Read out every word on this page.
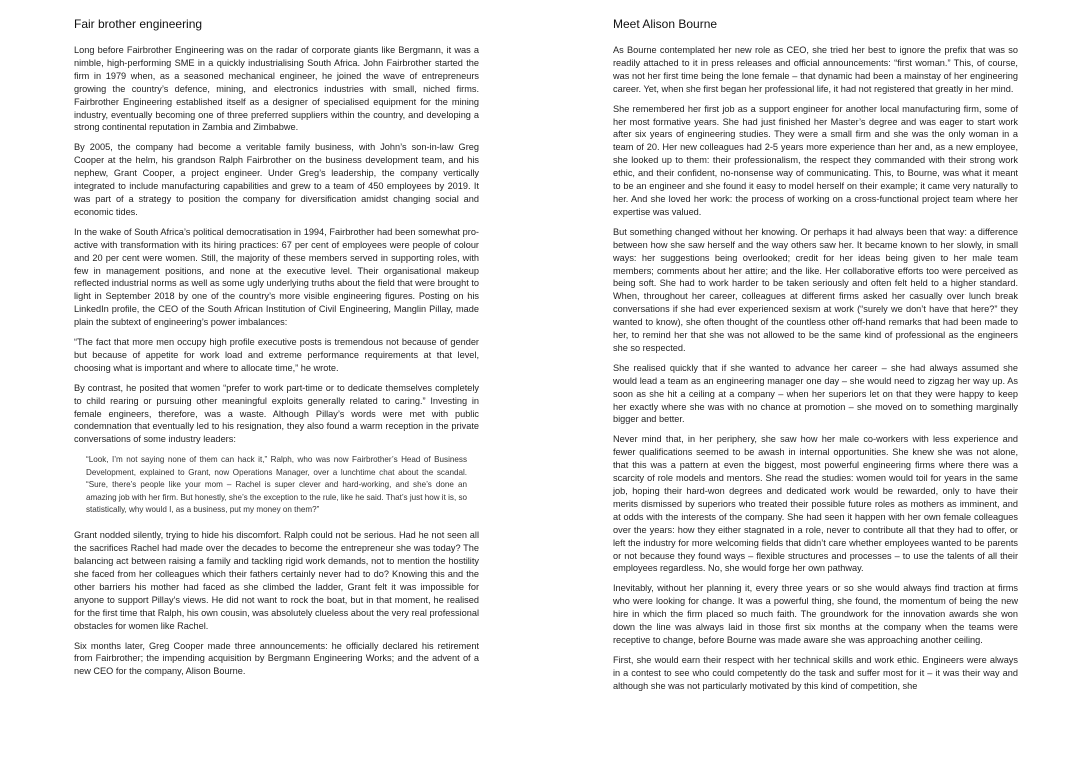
Fair brother engineering

Long before Fairbrother Engineering was on the radar of corporate giants like Bergmann, it was a nimble, high-performing SME in a quickly industrialising South Africa. John Fairbrother started the firm in 1979 when, as a seasoned mechanical engineer, he joined the wave of entrepreneurs growing the country’s defence, mining, and electronics industries with small, niched firms. Fairbrother Engineering established itself as a designer of specialised equipment for the mining industry, eventually becoming one of three preferred suppliers within the country, and developing a strong continental reputation in Zambia and Zimbabwe.

By 2005, the company had become a veritable family business, with John’s son-in-law Greg Cooper at the helm, his grandson Ralph Fairbrother on the business development team, and his nephew, Grant Cooper, a project engineer. Under Greg’s leadership, the company vertically integrated to include manufacturing capabilities and grew to a team of 450 employees by 2019. It was part of a strategy to position the company for diversification amidst changing social and economic tides.

In the wake of South Africa’s political democratisation in 1994, Fairbrother had been somewhat pro-active with transformation with its hiring practices: 67 per cent of employees were people of colour and 20 per cent were women. Still, the majority of these members served in supporting roles, with few in management positions, and none at the executive level. Their organisational makeup reflected industrial norms as well as some ugly underlying truths about the field that were brought to light in September 2018 by one of the country’s more visible engineering figures. Posting on his LinkedIn profile, the CEO of the South African Institution of Civil Engineering, Manglin Pillay, made plain the subtext of engineering’s power imbalances:

“The fact that more men occupy high profile executive posts is tremendous not because of gender but because of appetite for work load and extreme performance requirements at that level, choosing what is important and where to allocate time,” he wrote.

By contrast, he posited that women “prefer to work part-time or to dedicate themselves completely to child rearing or pursuing other meaningful exploits generally related to caring.” Investing in female engineers, therefore, was a waste. Although Pillay’s words were met with public condemnation that eventually led to his resignation, they also found a warm reception in the private conversations of some industry leaders:

“Look, I’m not saying none of them can hack it,” Ralph, who was now Fairbrother’s Head of Business Development, explained to Grant, now Operations Manager, over a lunchtime chat about the scandal. “Sure, there’s people like your mom – Rachel is super clever and hard-working, and she’s done an amazing job with her firm. But honestly, she’s the exception to the rule, like he said. That’s just how it is, so statistically, why would I, as a business, put my money on them?”

Grant nodded silently, trying to hide his discomfort. Ralph could not be serious. Had he not seen all the sacrifices Rachel had made over the decades to become the entrepreneur she was today? The balancing act between raising a family and tackling rigid work demands, not to mention the hostility she faced from her colleagues which their fathers certainly never had to do? Knowing this and the other barriers his mother had faced as she climbed the ladder, Grant felt it was impossible for anyone to support Pillay’s views. He did not want to rock the boat, but in that moment, he realised for the first time that Ralph, his own cousin, was absolutely clueless about the very real professional obstacles for women like Rachel.

Six months later, Greg Cooper made three announcements: he officially declared his retirement from Fairbrother; the impending acquisition by Bergmann Engineering Works; and the advent of a new CEO for the company, Alison Bourne.

Meet Alison Bourne

As Bourne contemplated her new role as CEO, she tried her best to ignore the prefix that was so readily attached to it in press releases and official announcements: “first woman.” This, of course, was not her first time being the lone female – that dynamic had been a mainstay of her engineering career. Yet, when she first began her professional life, it had not registered that greatly in her mind.

She remembered her first job as a support engineer for another local manufacturing firm, some of her most formative years. She had just finished her Master’s degree and was eager to start work after six years of engineering studies. They were a small firm and she was the only woman in a team of 20. Her new colleagues had 2-5 years more experience than her and, as a new employee, she looked up to them: their professionalism, the respect they commanded with their strong work ethic, and their confident, no-nonsense way of communicating. This, to Bourne, was what it meant to be an engineer and she found it easy to model herself on their example; it came very naturally to her. And she loved her work: the process of working on a cross-functional project team where her expertise was valued.

But something changed without her knowing. Or perhaps it had always been that way: a difference between how she saw herself and the way others saw her. It became known to her slowly, in small ways: her suggestions being overlooked; credit for her ideas being given to her male team members; comments about her attire; and the like. Her collaborative efforts too were perceived as being soft. She had to work harder to be taken seriously and often felt held to a higher standard. When, throughout her career, colleagues at different firms asked her casually over lunch break conversations if she had ever experienced sexism at work (“surely we don’t have that here?” they wanted to know), she often thought of the countless other off-hand remarks that had been made to her, to remind her that she was not allowed to be the same kind of professional as the engineers she so respected.

She realised quickly that if she wanted to advance her career – she had always assumed she would lead a team as an engineering manager one day – she would need to zigzag her way up. As soon as she hit a ceiling at a company – when her superiors let on that they were happy to keep her exactly where she was with no chance at promotion – she moved on to something marginally bigger and better.

Never mind that, in her periphery, she saw how her male co-workers with less experience and fewer qualifications seemed to be awash in internal opportunities. She knew she was not alone, that this was a pattern at even the biggest, most powerful engineering firms where there was a scarcity of role models and mentors. She read the studies: women would toil for years in the same job, hoping their hard-won degrees and dedicated work would be rewarded, only to have their merits dismissed by superiors who treated their possible future roles as mothers as imminent, and at odds with the interests of the company. She had seen it happen with her own female colleagues over the years: how they either stagnated in a role, never to contribute all that they had to offer, or left the industry for more welcoming fields that didn’t care whether employees wanted to be parents or not because they found ways – flexible structures and processes – to use the talents of all their employees regardless. No, she would forge her own pathway.

Inevitably, without her planning it, every three years or so she would always find traction at firms who were looking for change. It was a powerful thing, she found, the momentum of being the new hire in which the firm placed so much faith. The groundwork for the innovation awards she won down the line was always laid in those first six months at the company when the teams were receptive to change, before Bourne was made aware she was approaching another ceiling.

First, she would earn their respect with her technical skills and work ethic. Engineers were always in a contest to see who could competently do the task and suffer most for it – it was their way and although she was not particularly motivated by this kind of competition, she
